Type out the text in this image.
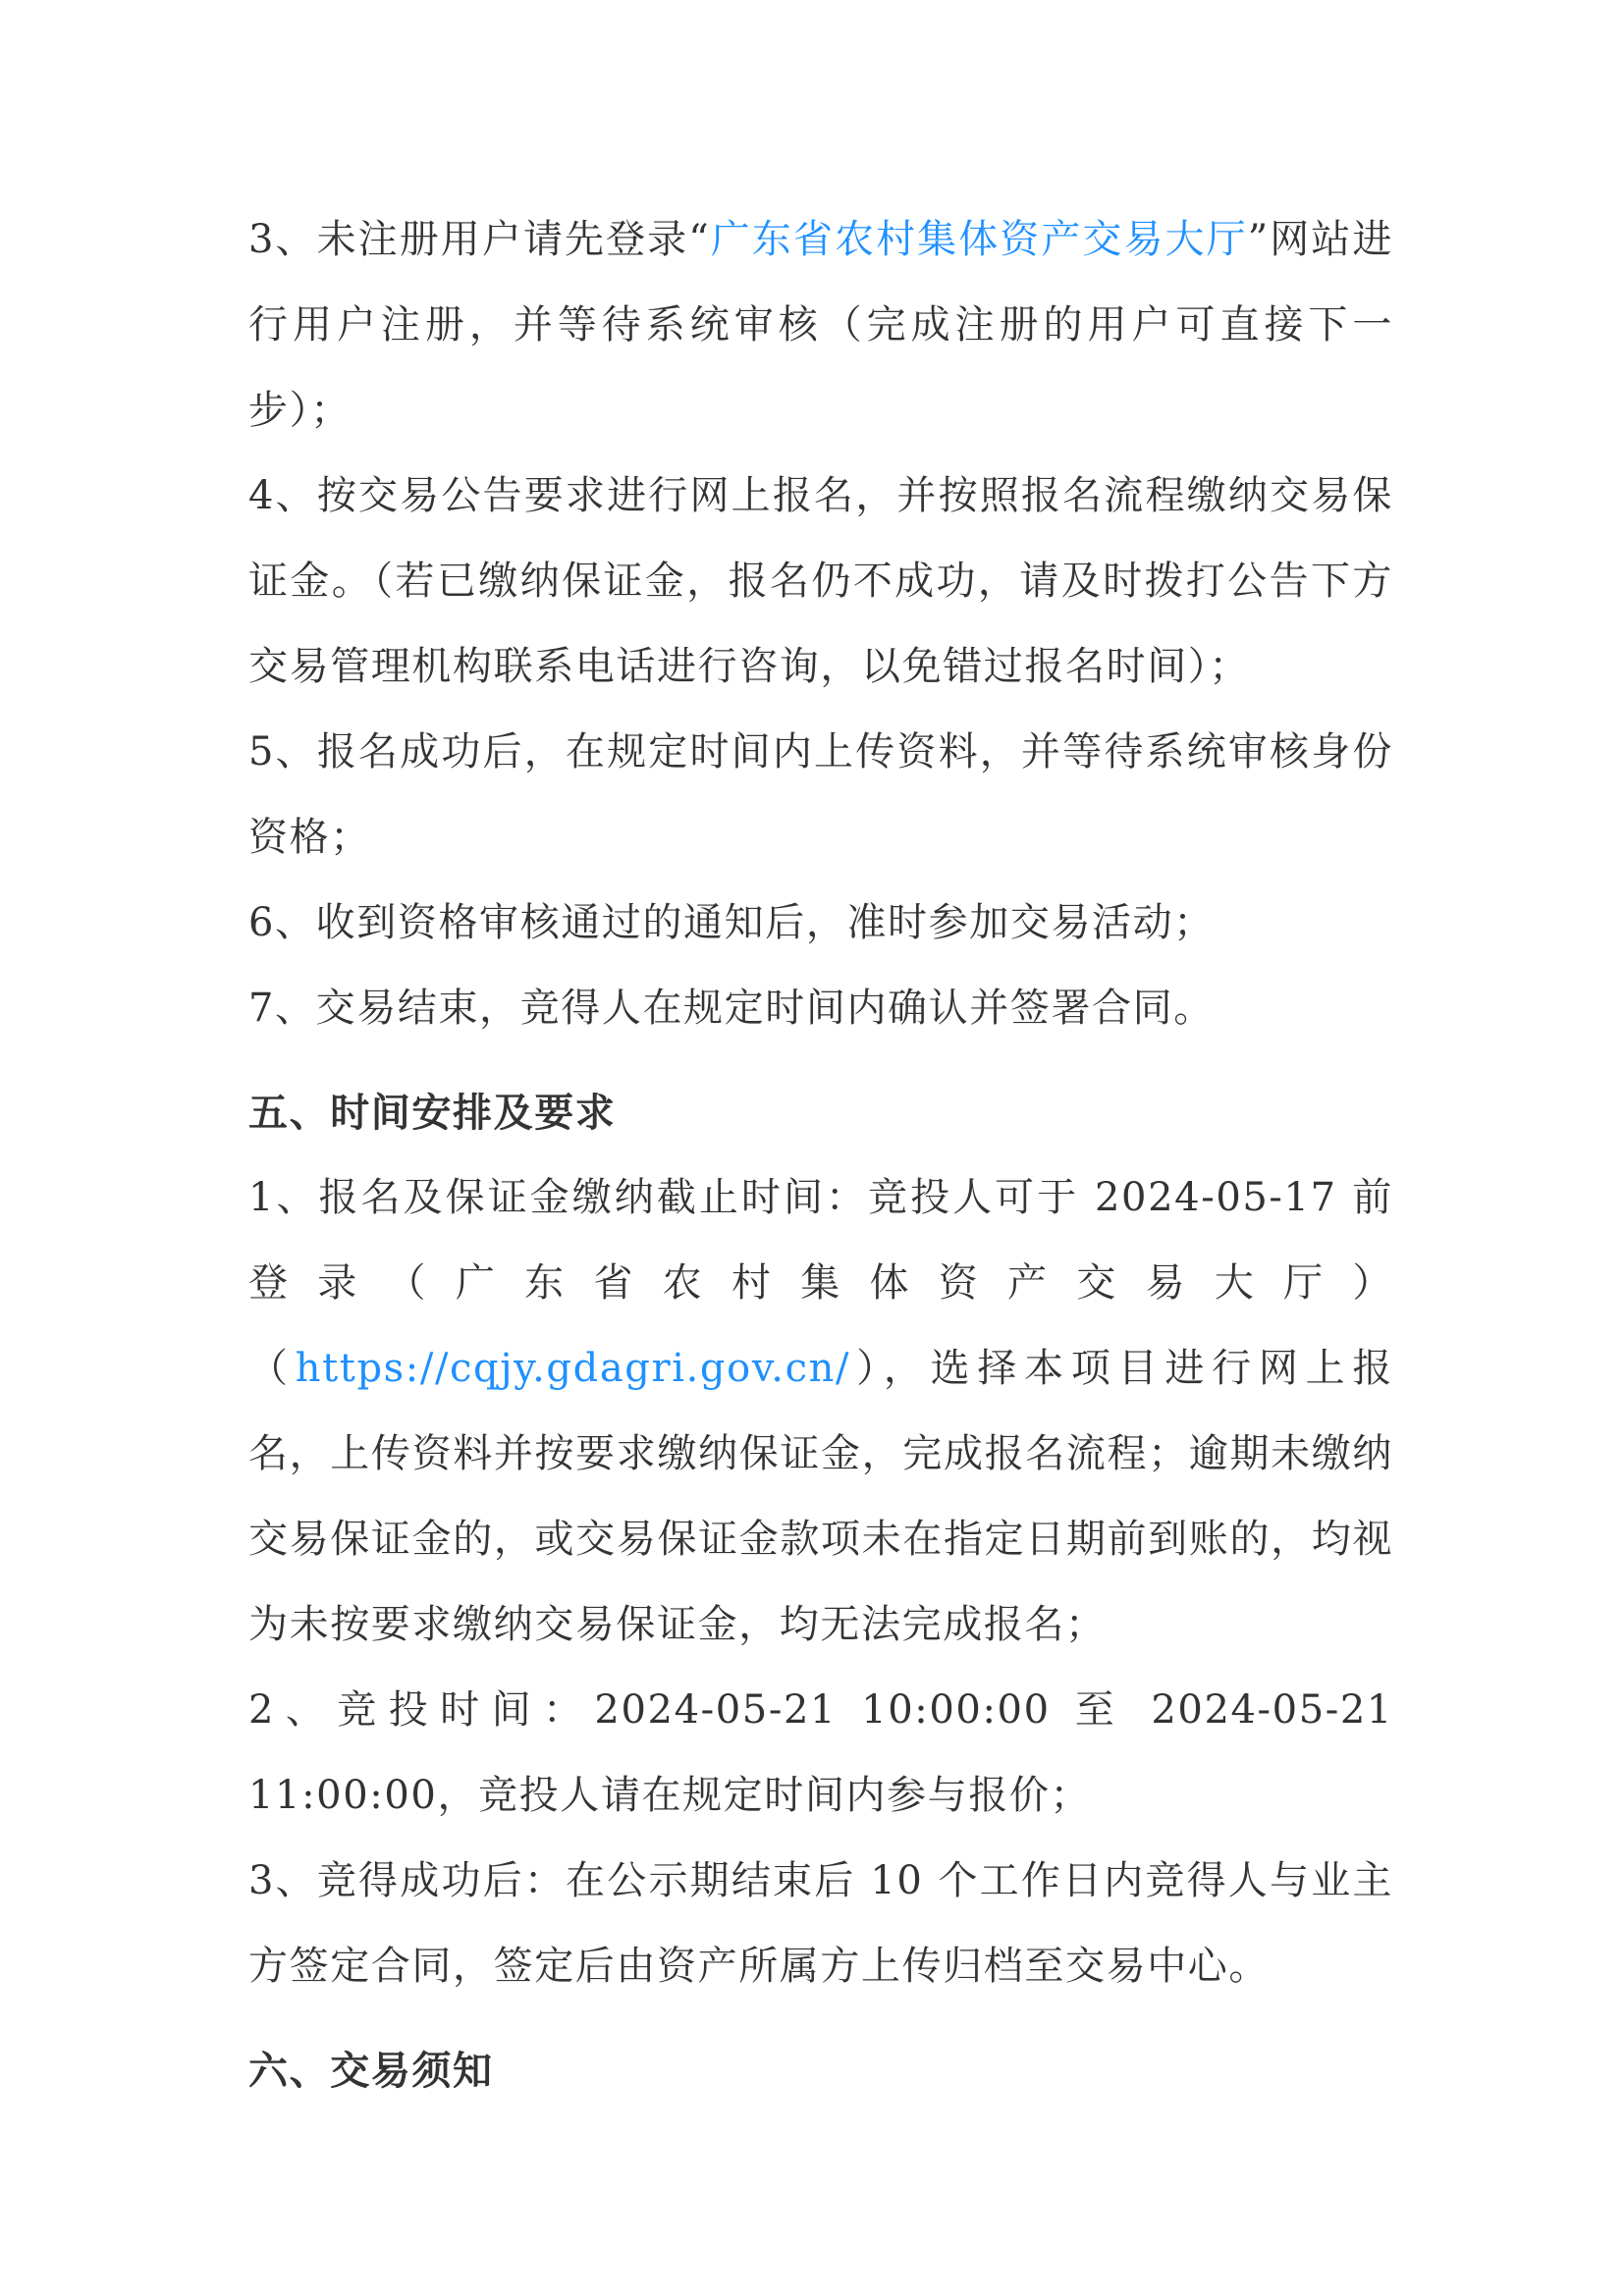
3、未注册用户请先登录“广东省农村集体资产交易大厅”网站进行用户注册，并等待系统审核（完成注册的用户可直接下一步）；

4、按交易公告要求进行网上报名，并按照报名流程缴纳交易保证金。（若已缴纳保证金，报名仍不成功，请及时拨打公告下方交易管理机构联系电话进行咨询，以免错过报名时间）；

5、报名成功后，在规定时间内上传资料，并等待系统审核身份资格；

6、收到资格审核通过的通知后，准时参加交易活动；

7、交易结束，竞得人在规定时间内确认并签署合同。

五、时间安排及要求

1、报名及保证金缴纳截止时间：竞投人可于 2024-05-17 前登录（广东省农村集体资产交易大厅）（https://cqjy.gdagri.gov.cn/），选择本项目进行网上报名，上传资料并按要求缴纳保证金，完成报名流程；逾期未缴纳交易保证金的，或交易保证金款项未在指定日期前到账的，均视为未按要求缴纳交易保证金，均无法完成报名；

2、竞投时间：2024-05-21 10:00:00 至 2024-05-21 11:00:00，竞投人请在规定时间内参与报价；

3、竞得成功后：在公示期结束后 10 个工作日内竞得人与业主方签定合同，签定后由资产所属方上传归档至交易中心。

六、交易须知
